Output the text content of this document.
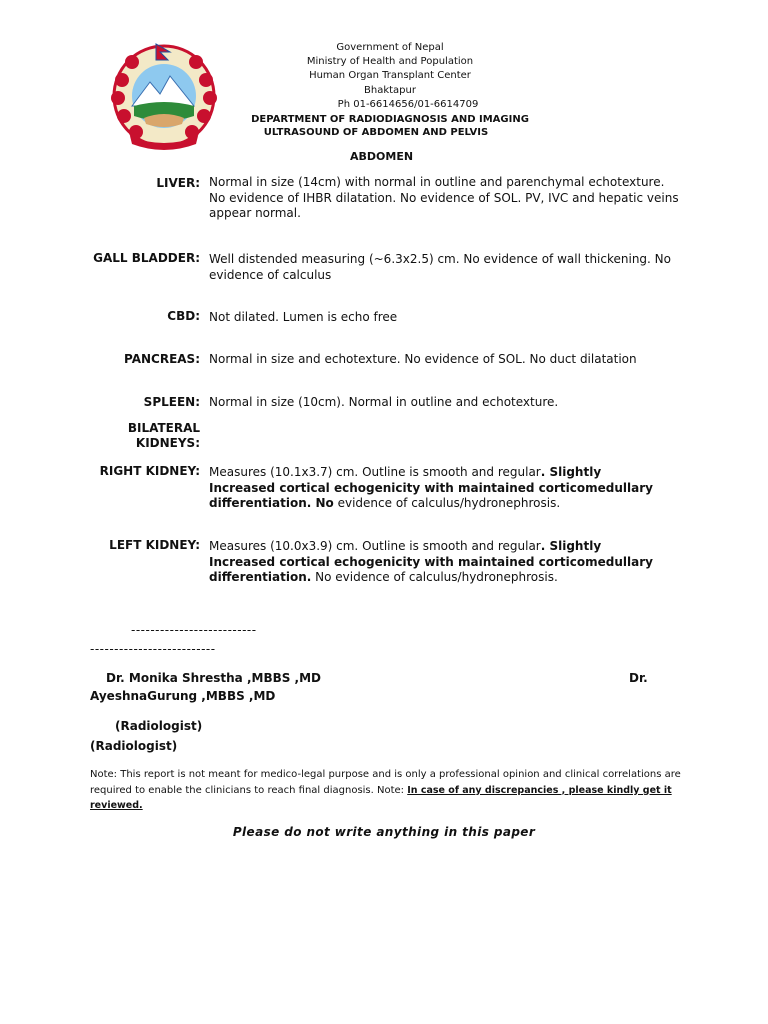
Government of Nepal
Ministry of Health and Population
Human Organ Transplant Center
Bhaktapur
Ph 01-6614656/01-6614709
DEPARTMENT OF RADIODIAGNOSIS AND IMAGING
ULTRASOUND OF ABDOMEN AND PELVIS
ABDOMEN
LIVER: Normal in size (14cm) with normal in outline and parenchymal echotexture. No evidence of IHBR dilatation. No evidence of SOL. PV, IVC and hepatic veins appear normal.
GALL BLADDER: Well distended measuring (~6.3x2.5) cm. No evidence of wall thickening. No evidence of calculus
CBD: Not dilated. Lumen is echo free
PANCREAS: Normal in size and echotexture. No evidence of SOL. No duct dilatation
SPLEEN: Normal in size (10cm). Normal in outline and echotexture.
BILATERAL
KIDNEYS:
RIGHT KIDNEY: Measures (10.1x3.7) cm. Outline is smooth and regular. Slightly Increased cortical echogenicity with maintained corticomedullary differentiation. No evidence of calculus/hydronephrosis.
LEFT KIDNEY: Measures (10.0x3.9) cm. Outline is smooth and regular. Slightly Increased cortical echogenicity with maintained corticomedullary differentiation. No evidence of calculus/hydronephrosis.
--------------------------
--------------------------
Dr. Monika Shrestha ,MBBS ,MD	Dr.
AyeshnaGurung ,MBBS ,MD
(Radiologist)
(Radiologist)
Note: This report is not meant for medico-legal purpose and is only a professional opinion and clinical correlations are required to enable the clinicians to reach final diagnosis. Note: In case of any discrepancies , please kindly get it reviewed.
Please do not write anything in this paper
